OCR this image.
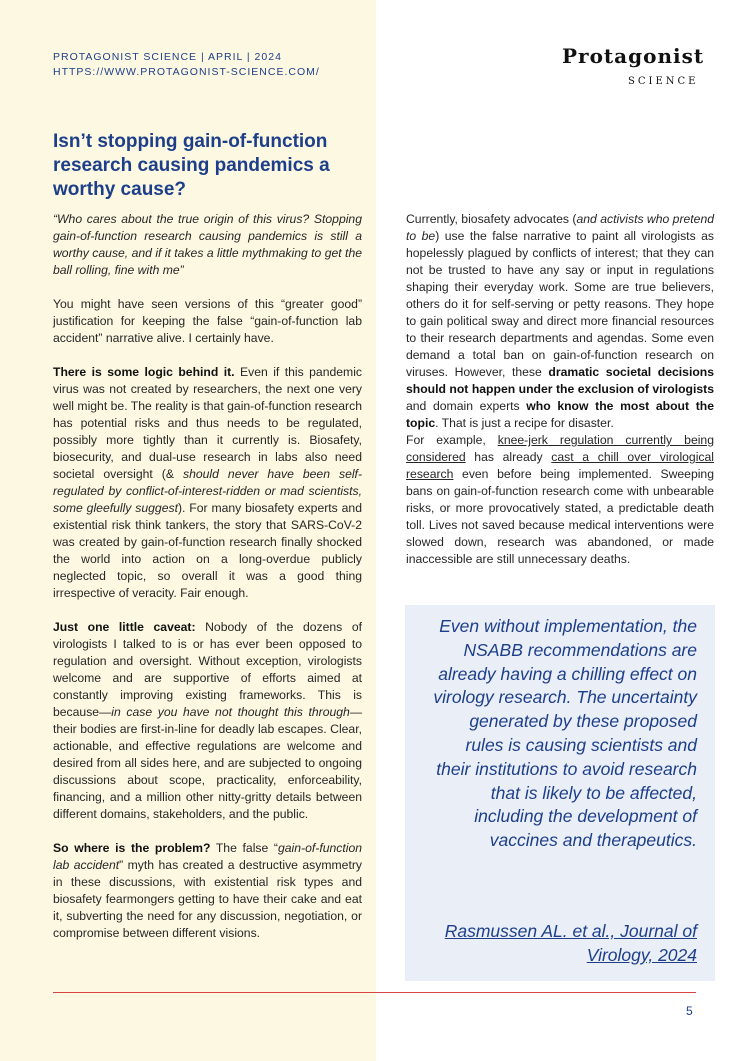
PROTAGONIST SCIENCE | APRIL | 2024
HTTPS://WWW.PROTAGONIST-SCIENCE.COM/
Protagonist
SCIENCE
Isn’t stopping gain-of-function research causing pandemics a worthy cause?

“Who cares about the true origin of this virus? Stopping gain-of-function research causing pandemics is still a worthy cause, and if it takes a little mythmaking to get the ball rolling, fine with me”

You might have seen versions of this “greater good” justification for keeping the false “gain-of-function lab accident” narrative alive. I certainly have.

There is some logic behind it. Even if this pandemic virus was not created by researchers, the next one very well might be. The reality is that gain-of-function research has potential risks and thus needs to be regulated, possibly more tightly than it currently is. Biosafety, biosecurity, and dual-use research in labs also need societal oversight (& should never have been self-regulated by conflict-of-interest-ridden or mad scientists, some gleefully suggest). For many biosafety experts and existential risk think tankers, the story that SARS-CoV-2 was created by gain-of-function research finally shocked the world into action on a long-overdue publicly neglected topic, so overall it was a good thing irrespective of veracity. Fair enough.

Just one little caveat: Nobody of the dozens of virologists I talked to is or has ever been opposed to regulation and oversight. Without exception, virologists welcome and are supportive of efforts aimed at constantly improving existing frameworks. This is because—in case you have not thought this through—their bodies are first-in-line for deadly lab escapes. Clear, actionable, and effective regulations are welcome and desired from all sides here, and are subjected to ongoing discussions about scope, practicality, enforceability, financing, and a million other nitty-gritty details between different domains, stakeholders, and the public.

So where is the problem? The false “gain-of-function lab accident” myth has created a destructive asymmetry in these discussions, with existential risk types and biosafety fearmongers getting to have their cake and eat it, subverting the need for any discussion, negotiation, or compromise between different visions.

Currently, biosafety advocates (and activists who pretend to be) use the false narrative to paint all virologists as hopelessly plagued by conflicts of interest; that they can not be trusted to have any say or input in regulations shaping their everyday work. Some are true believers, others do it for self-serving or petty reasons. They hope to gain political sway and direct more financial resources to their research departments and agendas. Some even demand a total ban on gain-of-function research on viruses. However, these dramatic societal decisions should not happen under the exclusion of virologists and domain experts who know the most about the topic. That is just a recipe for disaster.

For example, knee-jerk regulation currently being considered has already cast a chill over virological research even before being implemented. Sweeping bans on gain-of-function research come with unbearable risks, or more provocatively stated, a predictable death toll. Lives not saved because medical interventions were slowed down, research was abandoned, or made inaccessible are still unnecessary deaths.

Even without implementation, the NSABB recommendations are already having a chilling effect on virology research. The uncertainty generated by these proposed rules is causing scientists and their institutions to avoid research that is likely to be affected, including the development of vaccines and therapeutics.
Rasmussen AL. et al., Journal of Virology, 2024
5
